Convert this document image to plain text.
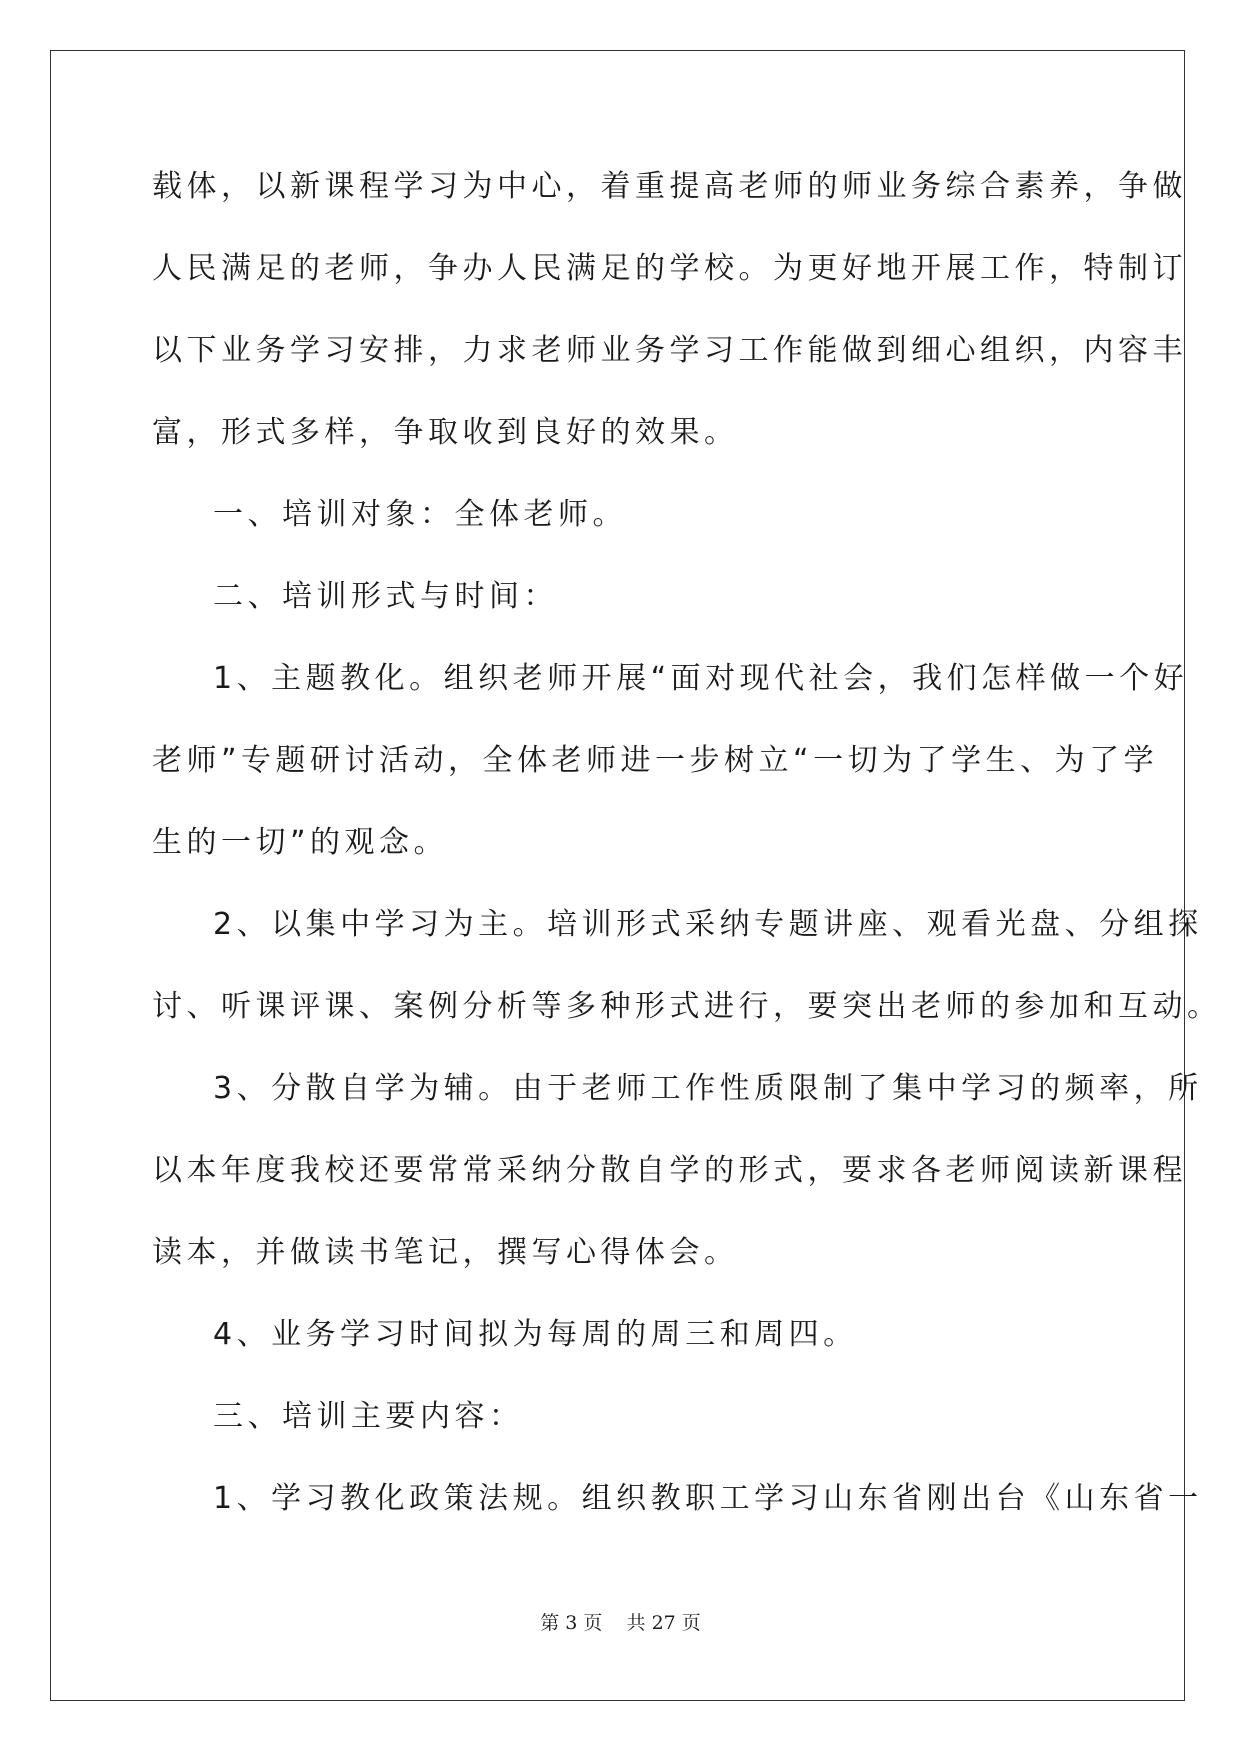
载体，以新课程学习为中心，着重提高老师的师业务综合素养，争做
人民满足的老师，争办人民满足的学校。为更好地开展工作，特制订
以下业务学习安排，力求老师业务学习工作能做到细心组织，内容丰
富，形式多样，争取收到良好的效果。
一、培训对象：全体老师。
二、培训形式与时间：
1、主题教化。组织老师开展“面对现代社会，我们怎样做一个好
老师”专题研讨活动，全体老师进一步树立“一切为了学生、为了学
生的一切”的观念。
2、以集中学习为主。培训形式采纳专题讲座、观看光盘、分组探
讨、听课评课、案例分析等多种形式进行，要突出老师的参加和互动。
3、分散自学为辅。由于老师工作性质限制了集中学习的频率，所
以本年度我校还要常常采纳分散自学的形式，要求各老师阅读新课程
读本，并做读书笔记，撰写心得体会。
4、业务学习时间拟为每周的周三和周四。
三、培训主要内容：
1、学习教化政策法规。组织教职工学习山东省刚出台《山东省一
第 3 页    共 27 页
